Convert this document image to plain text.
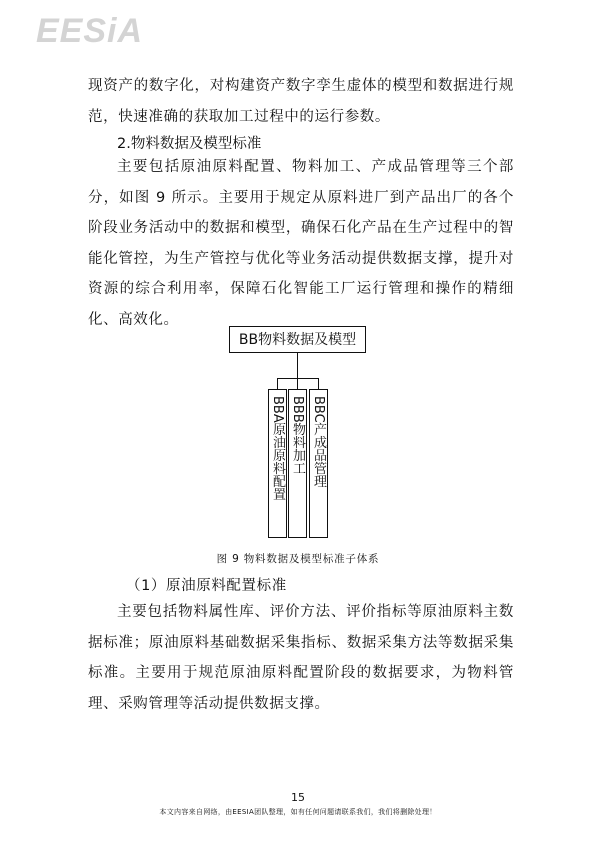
EESiA

现资产的数字化，对构建资产数字孪生虚体的模型和数据进行规范，快速准确的获取加工过程中的运行参数。

2.物料数据及模型标准

主要包括原油原料配置、物料加工、产成品管理等三个部分，如图 9 所示。主要用于规定从原料进厂到产品出厂的各个阶段业务活动中的数据和模型，确保石化产品在生产过程中的智能化管控，为生产管控与优化等业务活动提供数据支撑，提升对资源的综合利用率，保障石化智能工厂运行管理和操作的精细化、高效化。

BB物料数据及模型
BBA原油原料配置 BBB物料加工 BBC产成品管理
图 9 物料数据及模型标准子体系
（1）原油原料配置标准

主要包括物料属性库、评价方法、评价指标等原油原料主数据标准；原油原料基础数据采集指标、数据采集方法等数据采集标准。主要用于规范原油原料配置阶段的数据要求，为物料管理、采购管理等活动提供数据支撑。

15
本文内容来自网络，由EESIA团队整理，如有任何问题请联系我们，我们将删除处理！
